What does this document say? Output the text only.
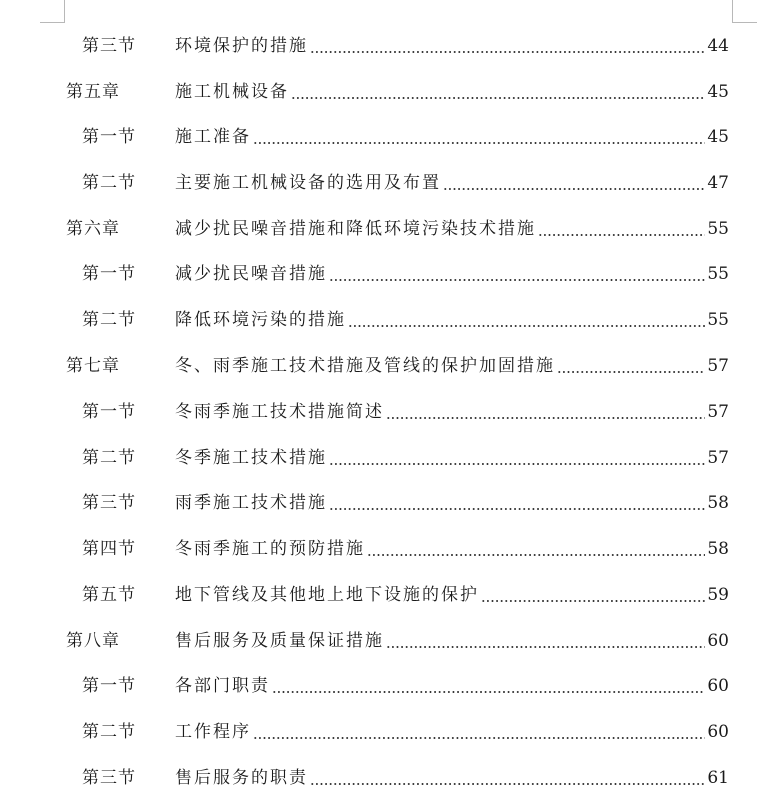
第三节 环境保护的措施	44
第五章	施工机械设备	45
第一节 施工准备	45
第二节 主要施工机械设备的选用及布置	47
第六章	减少扰民噪音措施和降低环境污染技术措施	55
第一节 减少扰民噪音措施	55
第二节 降低环境污染的措施	55
第七章	冬、雨季施工技术措施及管线的保护加固措施	57
第一节 冬雨季施工技术措施简述	57
第二节 冬季施工技术措施	57
第三节 雨季施工技术措施	58
第四节 冬雨季施工的预防措施	58
第五节 地下管线及其他地上地下设施的保护	59
第八章	售后服务及质量保证措施	60
第一节 各部门职责	60
第二节 工作程序	60
第三节 售后服务的职责	61
